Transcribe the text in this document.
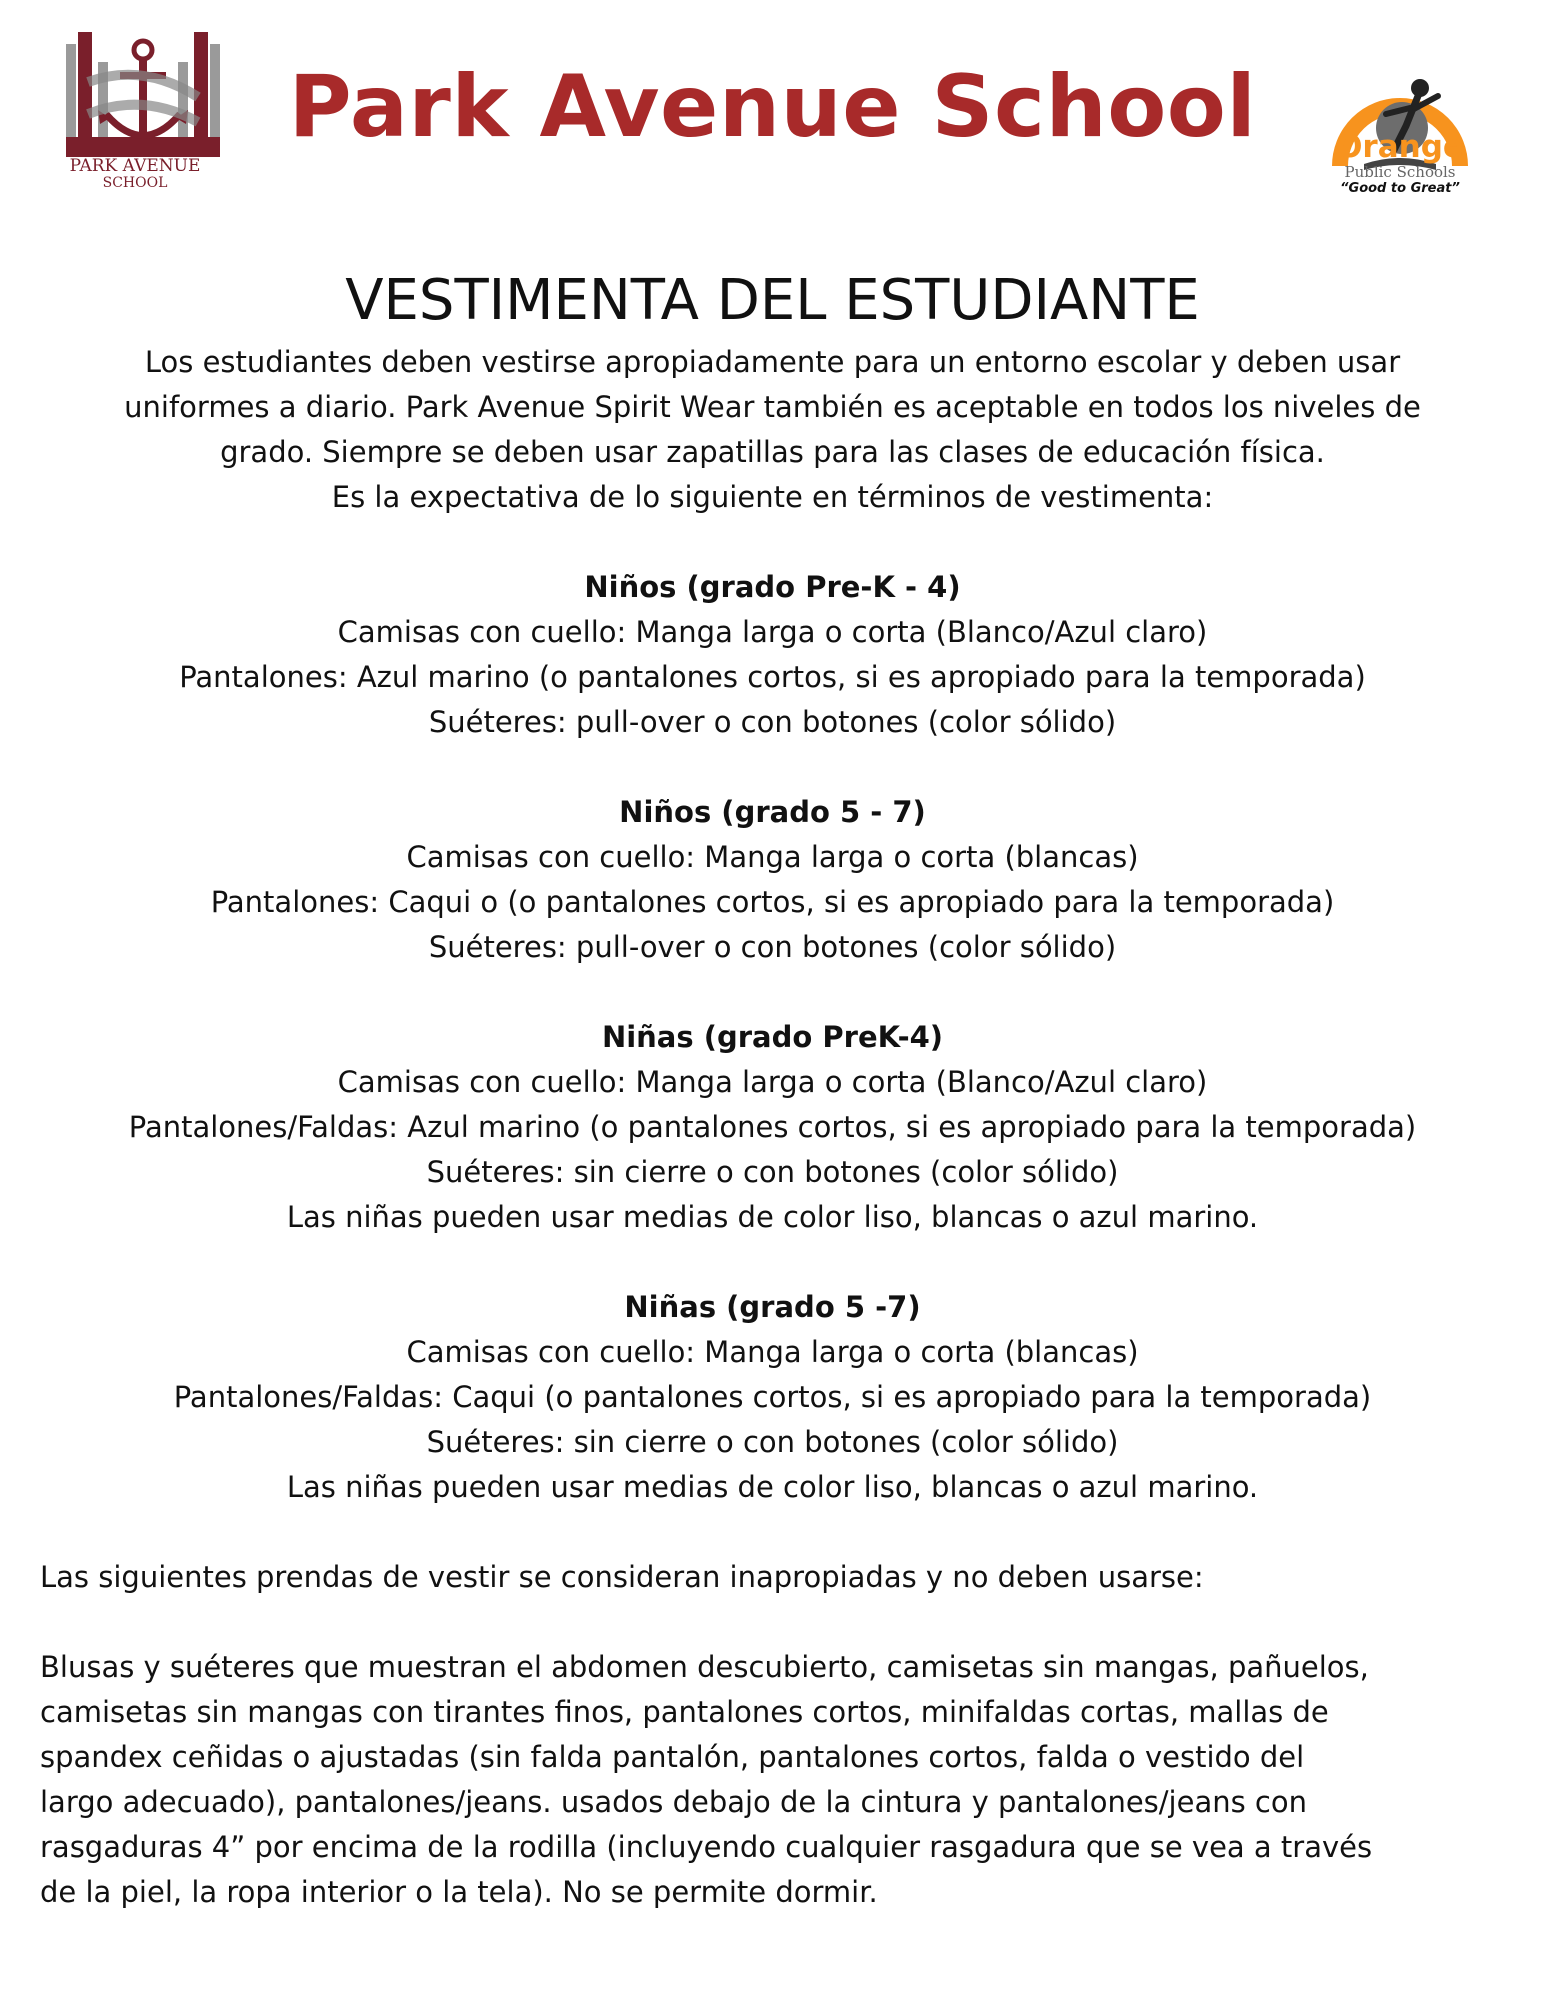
PARK AVENUE
SCHOOL
Park Avenue School	Orange
Public Schools
“Good to Great”
VESTIMENTA DEL ESTUDIANTE
Los estudiantes deben vestirse apropiadamente para un entorno escolar y deben usar
uniformes a diario. Park Avenue Spirit Wear también es aceptable en todos los niveles de
grado. Siempre se deben usar zapatillas para las clases de educación física.
Es la expectativa de lo siguiente en términos de vestimenta:
Niños (grado Pre-K - 4)
Camisas con cuello: Manga larga o corta (Blanco/Azul claro)
Pantalones: Azul marino (o pantalones cortos, si es apropiado para la temporada)
Suéteres: pull-over o con botones (color sólido)
Niños (grado 5 - 7)
Camisas con cuello: Manga larga o corta (blancas)
Pantalones: Caqui o (o pantalones cortos, si es apropiado para la temporada)
Suéteres: pull-over o con botones (color sólido)
Niñas (grado PreK-4)
Camisas con cuello: Manga larga o corta (Blanco/Azul claro)
Pantalones/Faldas: Azul marino (o pantalones cortos, si es apropiado para la temporada)
Suéteres: sin cierre o con botones (color sólido)
Las niñas pueden usar medias de color liso, blancas o azul marino.
Niñas (grado 5 -7)
Camisas con cuello: Manga larga o corta (blancas)
Pantalones/Faldas: Caqui (o pantalones cortos, si es apropiado para la temporada)
Suéteres: sin cierre o con botones (color sólido)
Las niñas pueden usar medias de color liso, blancas o azul marino.
Las siguientes prendas de vestir se consideran inapropiadas y no deben usarse:
Blusas y suéteres que muestran el abdomen descubierto, camisetas sin mangas, pañuelos,
camisetas sin mangas con tirantes finos, pantalones cortos, minifaldas cortas, mallas de
spandex ceñidas o ajustadas (sin falda pantalón, pantalones cortos, falda o vestido del
largo adecuado), pantalones/jeans. usados debajo de la cintura y pantalones/jeans con
rasgaduras 4” por encima de la rodilla (incluyendo cualquier rasgadura que se vea a través
de la piel, la ropa interior o la tela). No se permite dormir.
